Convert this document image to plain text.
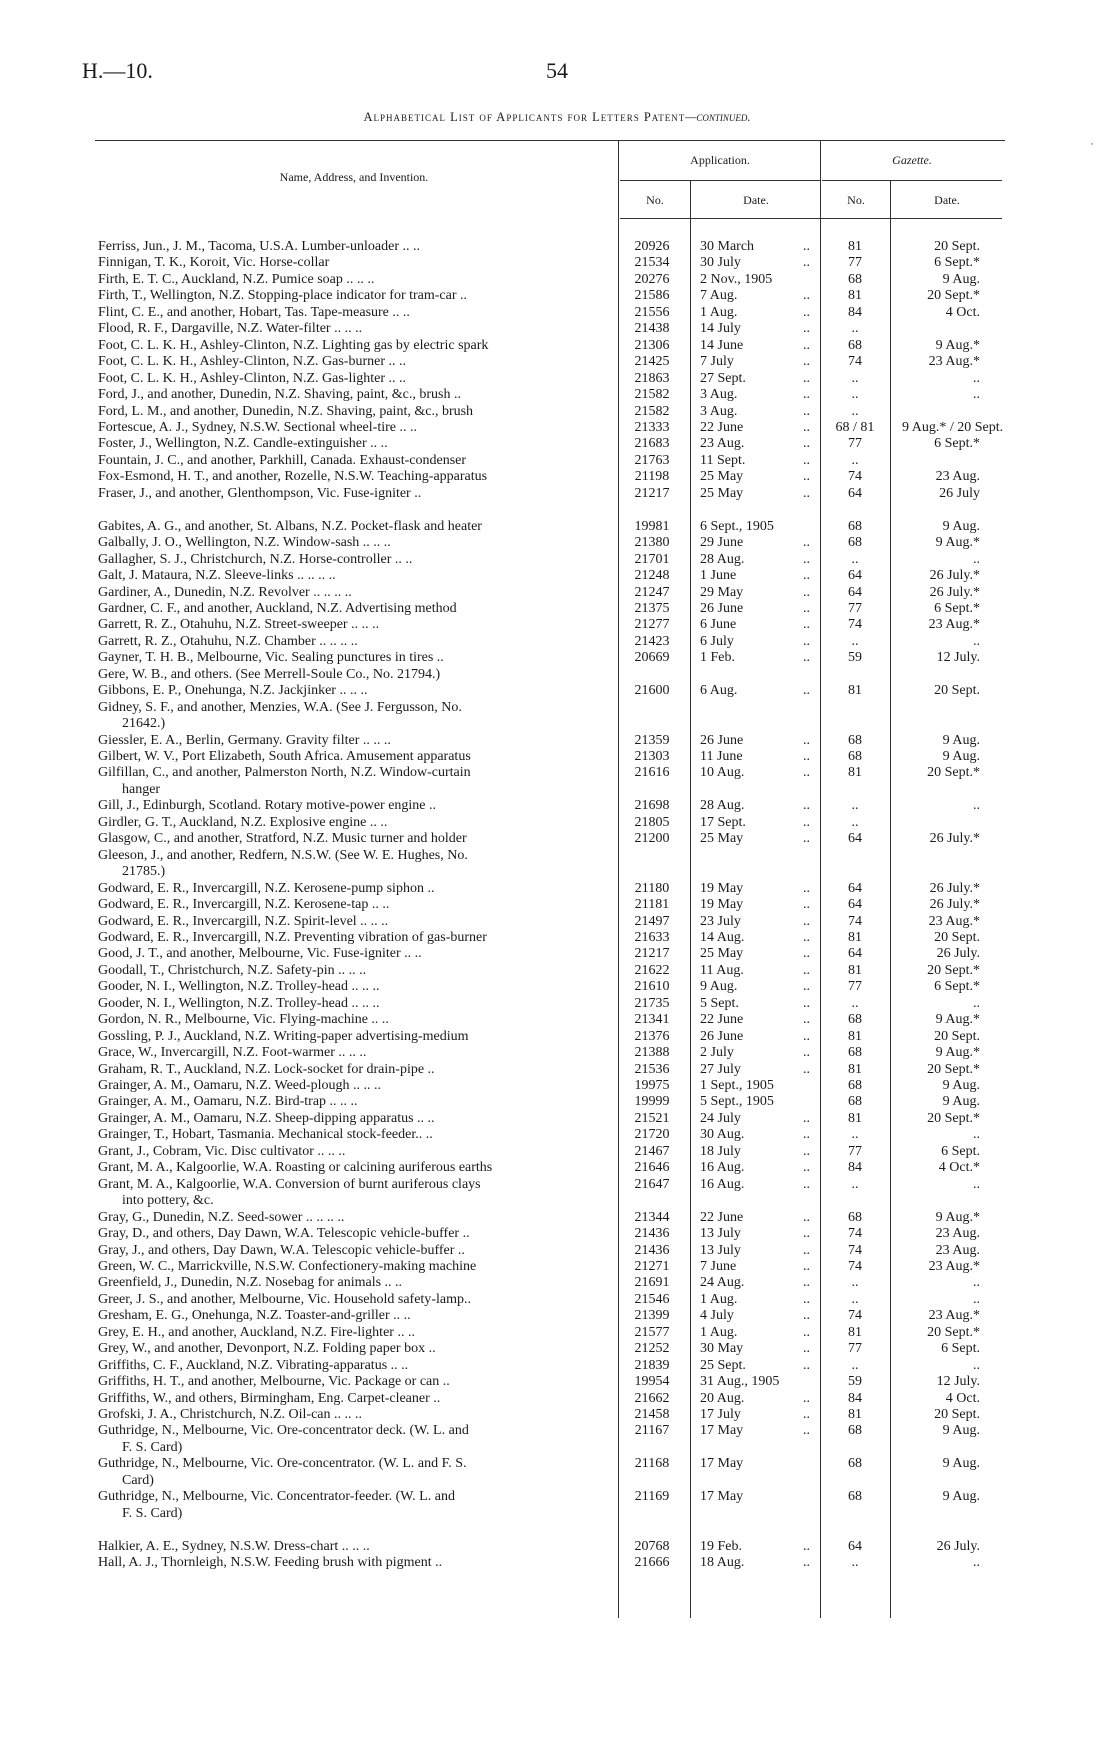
H.—10.	54
Alphabetical List of Applicants for Letters Patent—continued.
Name, Address, and Invention.
Application.	Gazette.
No.	Date.	No.	Date.
˙
Ferriss, Jun., J. M., Tacoma, U.S.A. Lumber-unloader .. ..	20926	30 March	..	81	20 Sept.
Finnigan, T. K., Koroit, Vic. Horse-collar	21534	30 July	..	77	6 Sept.*
Firth, E. T. C., Auckland, N.Z. Pumice soap .. .. ..	20276	2 Nov., 1905	68	9 Aug.
Firth, T., Wellington, N.Z. Stopping-place indicator for tram-car ..	21586	7 Aug.	..	81	20 Sept.*
Flint, C. E., and another, Hobart, Tas. Tape-measure .. ..	21556	1 Aug.	..	84	4 Oct.
Flood, R. F., Dargaville, N.Z. Water-filter .. .. ..	21438	14 July	..	..
Foot, C. L. K. H., Ashley-Clinton, N.Z. Lighting gas by electric spark	21306	14 June	..	68	9 Aug.*
Foot, C. L. K. H., Ashley-Clinton, N.Z. Gas-burner .. ..	21425	7 July	..	74	23 Aug.*
Foot, C. L. K. H., Ashley-Clinton, N.Z. Gas-lighter .. ..	21863	27 Sept.	..	..	..
Ford, J., and another, Dunedin, N.Z. Shaving, paint, &c., brush ..	21582	3 Aug.	..	..	..
Ford, L. M., and another, Dunedin, N.Z. Shaving, paint, &c., brush	21582	3 Aug.	..	..
Fortescue, A. J., Sydney, N.S.W. Sectional wheel-tire .. ..	21333	22 June	..	68 / 81	9 Aug.* / 20 Sept.
Foster, J., Wellington, N.Z. Candle-extinguisher .. ..	21683	23 Aug.	..	77	6 Sept.*
Fountain, J. C., and another, Parkhill, Canada. Exhaust-condenser	21763	11 Sept.	..	..
Fox-Esmond, H. T., and another, Rozelle, N.S.W. Teaching-apparatus	21198	25 May	..	74	23 Aug.
Fraser, J., and another, Glenthompson, Vic. Fuse-igniter ..	21217	25 May	..	64	26 July
Gabites, A. G., and another, St. Albans, N.Z. Pocket-flask and heater	19981	6 Sept., 1905	68	9 Aug.
Galbally, J. O., Wellington, N.Z. Window-sash .. .. ..	21380	29 June	..	68	9 Aug.*
Gallagher, S. J., Christchurch, N.Z. Horse-controller .. ..	21701	28 Aug.	..	..	..
Galt, J. Mataura, N.Z. Sleeve-links .. .. .. ..	21248	1 June	..	64	26 July.*
Gardiner, A., Dunedin, N.Z. Revolver .. .. .. ..	21247	29 May	..	64	26 July.*
Gardner, C. F., and another, Auckland, N.Z. Advertising method	21375	26 June	..	77	6 Sept.*
Garrett, R. Z., Otahuhu, N.Z. Street-sweeper .. .. ..	21277	6 June	..	74	23 Aug.*
Garrett, R. Z., Otahuhu, N.Z. Chamber .. .. .. ..	21423	6 July	..	..	..
Gayner, T. H. B., Melbourne, Vic. Sealing punctures in tires ..	20669	1 Feb.	..	59	12 July.
Gere, W. B., and others. (See Merrell-Soule Co., No. 21794.)
Gibbons, E. P., Onehunga, N.Z. Jackjinker .. .. ..	21600	6 Aug.	..	81	20 Sept.
Gidney, S. F., and another, Menzies, W.A. (See J. Fergusson, No.
21642.)
Giessler, E. A., Berlin, Germany. Gravity filter .. .. ..	21359	26 June	..	68	9 Aug.
Gilbert, W. V., Port Elizabeth, South Africa. Amusement apparatus	21303	11 June	..	68	9 Aug.
Gilfillan, C., and another, Palmerston North, N.Z. Window-curtain	21616	10 Aug.	..	81	20 Sept.*
hanger
Gill, J., Edinburgh, Scotland. Rotary motive-power engine ..	21698	28 Aug.	..	..	..
Girdler, G. T., Auckland, N.Z. Explosive engine .. ..	21805	17 Sept.	..	..
Glasgow, C., and another, Stratford, N.Z. Music turner and holder	21200	25 May	..	64	26 July.*
Gleeson, J., and another, Redfern, N.S.W. (See W. E. Hughes, No.
21785.)
Godward, E. R., Invercargill, N.Z. Kerosene-pump siphon ..	21180	19 May	..	64	26 July.*
Godward, E. R., Invercargill, N.Z. Kerosene-tap .. ..	21181	19 May	..	64	26 July.*
Godward, E. R., Invercargill, N.Z. Spirit-level .. .. ..	21497	23 July	..	74	23 Aug.*
Godward, E. R., Invercargill, N.Z. Preventing vibration of gas-burner	21633	14 Aug.	..	81	20 Sept.
Good, J. T., and another, Melbourne, Vic. Fuse-igniter .. ..	21217	25 May	..	64	26 July.
Goodall, T., Christchurch, N.Z. Safety-pin .. .. ..	21622	11 Aug.	..	81	20 Sept.*
Gooder, N. I., Wellington, N.Z. Trolley-head .. .. ..	21610	9 Aug.	..	77	6 Sept.*
Gooder, N. I., Wellington, N.Z. Trolley-head .. .. ..	21735	5 Sept.	..	..	..
Gordon, N. R., Melbourne, Vic. Flying-machine .. ..	21341	22 June	..	68	9 Aug.*
Gossling, P. J., Auckland, N.Z. Writing-paper advertising-medium	21376	26 June	..	81	20 Sept.
Grace, W., Invercargill, N.Z. Foot-warmer .. .. ..	21388	2 July	..	68	9 Aug.*
Graham, R. T., Auckland, N.Z. Lock-socket for drain-pipe ..	21536	27 July	..	81	20 Sept.*
Grainger, A. M., Oamaru, N.Z. Weed-plough .. .. ..	19975	1 Sept., 1905	68	9 Aug.
Grainger, A. M., Oamaru, N.Z. Bird-trap .. .. ..	19999	5 Sept., 1905	68	9 Aug.
Grainger, A. M., Oamaru, N.Z. Sheep-dipping apparatus .. ..	21521	24 July	..	81	20 Sept.*
Grainger, T., Hobart, Tasmania. Mechanical stock-feeder.. ..	21720	30 Aug.	..	..	..
Grant, J., Cobram, Vic. Disc cultivator .. .. ..	21467	18 July	..	77	6 Sept.
Grant, M. A., Kalgoorlie, W.A. Roasting or calcining auriferous earths	21646	16 Aug.	..	84	4 Oct.*
Grant, M. A., Kalgoorlie, W.A. Conversion of burnt auriferous clays	21647	16 Aug.	..	..	..
into pottery, &c.
Gray, G., Dunedin, N.Z. Seed-sower .. .. .. ..	21344	22 June	..	68	9 Aug.*
Gray, D., and others, Day Dawn, W.A. Telescopic vehicle-buffer ..	21436	13 July	..	74	23 Aug.
Gray, J., and others, Day Dawn, W.A. Telescopic vehicle-buffer ..	21436	13 July	..	74	23 Aug.
Green, W. C., Marrickville, N.S.W. Confectionery-making machine	21271	7 June	..	74	23 Aug.*
Greenfield, J., Dunedin, N.Z. Nosebag for animals .. ..	21691	24 Aug.	..	..	..
Greer, J. S., and another, Melbourne, Vic. Household safety-lamp..	21546	1 Aug.	..	..	..
Gresham, E. G., Onehunga, N.Z. Toaster-and-griller .. ..	21399	4 July	..	74	23 Aug.*
Grey, E. H., and another, Auckland, N.Z. Fire-lighter .. ..	21577	1 Aug.	..	81	20 Sept.*
Grey, W., and another, Devonport, N.Z. Folding paper box ..	21252	30 May	..	77	6 Sept.
Griffiths, C. F., Auckland, N.Z. Vibrating-apparatus .. ..	21839	25 Sept.	..	..	..
Griffiths, H. T., and another, Melbourne, Vic. Package or can ..	19954	31 Aug., 1905	59	12 July.
Griffiths, W., and others, Birmingham, Eng. Carpet-cleaner ..	21662	20 Aug.	..	84	4 Oct.
Grofski, J. A., Christchurch, N.Z. Oil-can .. .. ..	21458	17 July	..	81	20 Sept.
Guthridge, N., Melbourne, Vic. Ore-concentrator deck. (W. L. and	21167	17 May	..	68	9 Aug.
F. S. Card)
Guthridge, N., Melbourne, Vic. Ore-concentrator. (W. L. and F. S.	21168	17 May	68	9 Aug.
Card)
Guthridge, N., Melbourne, Vic. Concentrator-feeder. (W. L. and	21169	17 May	68	9 Aug.
F. S. Card)
Halkier, A. E., Sydney, N.S.W. Dress-chart .. .. ..	20768	19 Feb.	..	64	26 July.
Hall, A. J., Thornleigh, N.S.W. Feeding brush with pigment ..	21666	18 Aug.	..	..	..
